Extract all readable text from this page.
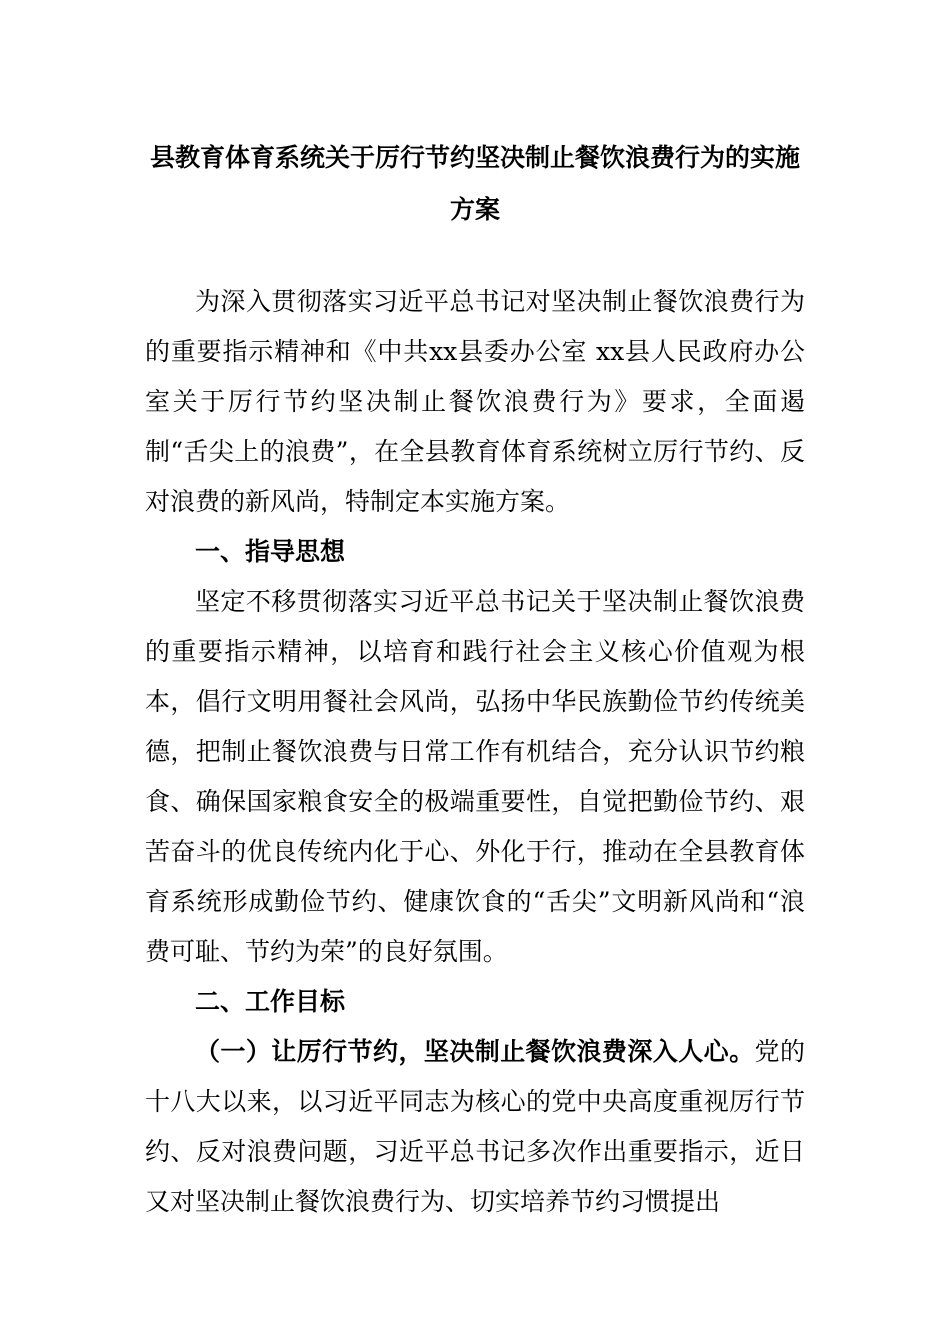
县教育体育系统关于厉行节约坚决制止餐饮浪费行为的实施方案

为深入贯彻落实习近平总书记对坚决制止餐饮浪费行为的重要指示精神和《中共xx县委办公室 xx县人民政府办公室关于厉行节约坚决制止餐饮浪费行为》要求，全面遏制“舌尖上的浪费”，在全县教育体育系统树立厉行节约、反对浪费的新风尚，特制定本实施方案。

一、指导思想

坚定不移贯彻落实习近平总书记关于坚决制止餐饮浪费的重要指示精神，以培育和践行社会主义核心价值观为根本，倡行文明用餐社会风尚，弘扬中华民族勤俭节约传统美德，把制止餐饮浪费与日常工作有机结合，充分认识节约粮食、确保国家粮食安全的极端重要性，自觉把勤俭节约、艰苦奋斗的优良传统内化于心、外化于行，推动在全县教育体育系统形成勤俭节约、健康饮食的“舌尖”文明新风尚和“浪费可耻、节约为荣”的良好氛围。

二、工作目标

（一）让厉行节约，坚决制止餐饮浪费深入人心。党的十八大以来，以习近平同志为核心的党中央高度重视厉行节约、反对浪费问题，习近平总书记多次作出重要指示，近日又对坚决制止餐饮浪费行为、切实培养节约习惯提出
